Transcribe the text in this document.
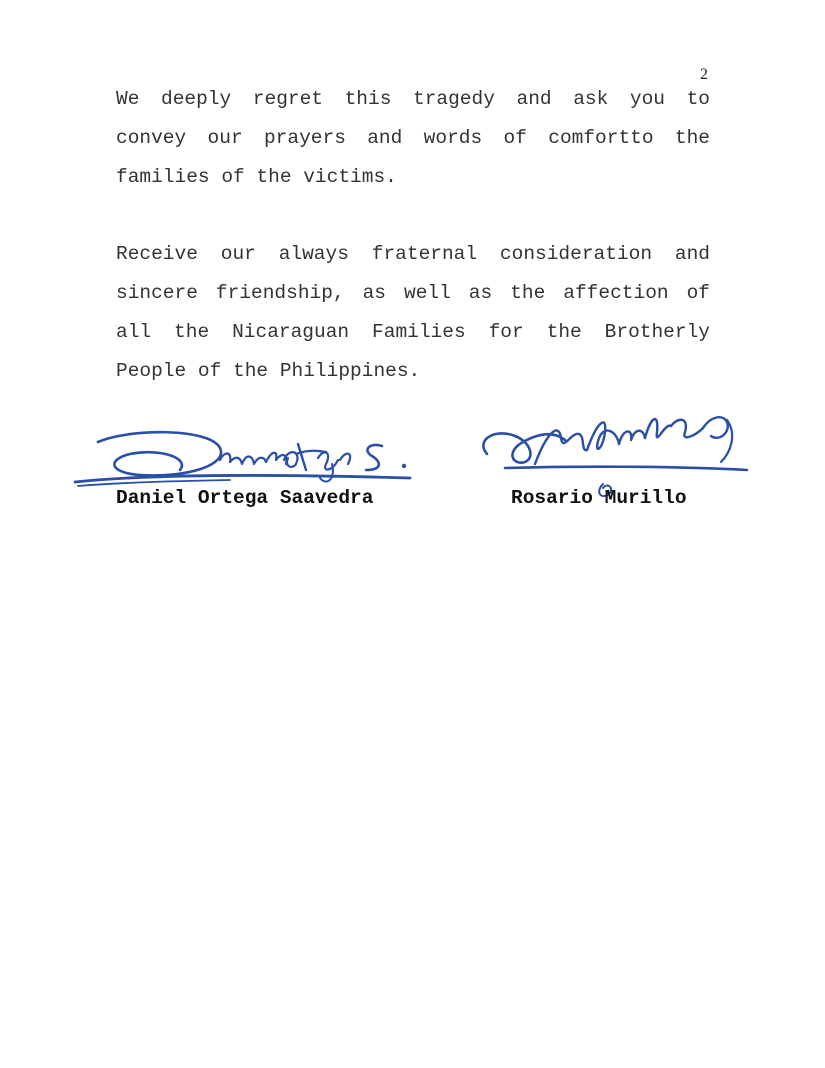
2

We deeply regret this tragedy and ask you to convey our prayers and words of comfortto the families of the victims.

Receive our always fraternal consideration and sincere friendship, as well as the affection of all the Nicaraguan Families for the Brotherly People of the Philippines.

Daniel Ortega Saavedra	Rosario Murillo
